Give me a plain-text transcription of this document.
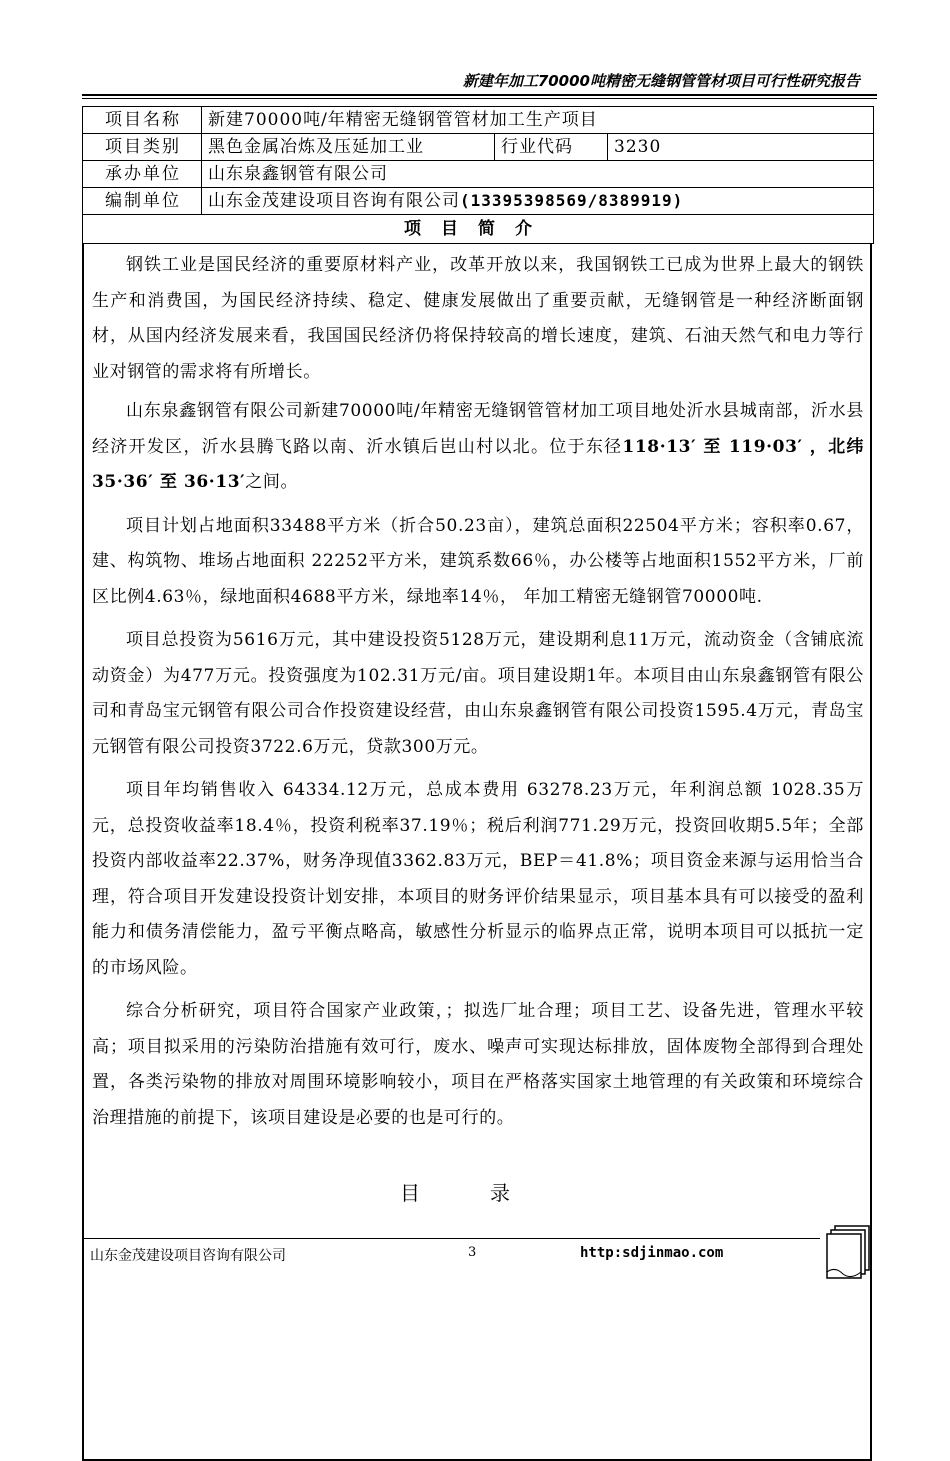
新建年加工70000吨精密无缝钢管管材项目可行性研究报告
项目名称	新建70000吨/年精密无缝钢管管材加工生产项目		
项目类别	黑色金属冶炼及压延加工业	行业代码	3230
承办单位	山东泉鑫钢管有限公司		
编制单位	山东金茂建设项目咨询有限公司(13395398569/8389919)		
项目简介

钢铁工业是国民经济的重要原材料产业，改革开放以来，我国钢铁工已成为世界上最大的钢铁生产和消费国，为国民经济持续、稳定、健康发展做出了重要贡献，无缝钢管是一种经济断面钢材，从国内经济发展来看，我国国民经济仍将保持较高的增长速度，建筑、石油天然气和电力等行业对钢管的需求将有所增长。

山东泉鑫钢管有限公司新建70000吨/年精密无缝钢管管材加工项目地处沂水县城南部，沂水县经济开发区，沂水县腾飞路以南、沂水镇后岜山村以北。位于东径118·13′ 至 119·03′ ，北纬 35·36′ 至 36·13′之间。

项目计划占地面积33488平方米（折合50.23亩），建筑总面积22504平方米；容积率0.67，建、构筑物、堆场占地面积 22252平方米，建筑系数66％，办公楼等占地面积1552平方米，厂前区比例4.63％，绿地面积4688平方米，绿地率14％， 年加工精密无缝钢管70000吨.

项目总投资为5616万元，其中建设投资5128万元，建设期利息11万元，流动资金（含铺底流动资金）为477万元。投资强度为102.31万元/亩。项目建设期1年。本项目由山东泉鑫钢管有限公司和青岛宝元钢管有限公司合作投资建设经营，由山东泉鑫钢管有限公司投资1595.4万元，青岛宝元钢管有限公司投资3722.6万元，贷款300万元。

项目年均销售收入 64334.12万元，总成本费用 63278.23万元，年利润总额 1028.35万元，总投资收益率18.4％，投资利税率37.19％；税后利润771.29万元，投资回收期5.5年；全部投资内部收益率22.37%，财务净现值3362.83万元，BEP＝41.8%；项目资金来源与运用恰当合理，符合项目开发建设投资计划安排，本项目的财务评价结果显示，项目基本具有可以接受的盈利能力和债务清偿能力，盈亏平衡点略高，敏感性分析显示的临界点正常，说明本项目可以抵抗一定的市场风险。

综合分析研究，项目符合国家产业政策，；拟选厂址合理；项目工艺、设备先进，管理水平较高；项目拟采用的污染防治措施有效可行，废水、噪声可实现达标排放，固体废物全部得到合理处置，各类污染物的排放对周围环境影响较小，项目在严格落实国家土地管理的有关政策和环境综合治理措施的前提下，该项目建设是必要的也是可行的。

目录
山东金茂建设项目咨询有限公司	3	http:sdjinmao.com
